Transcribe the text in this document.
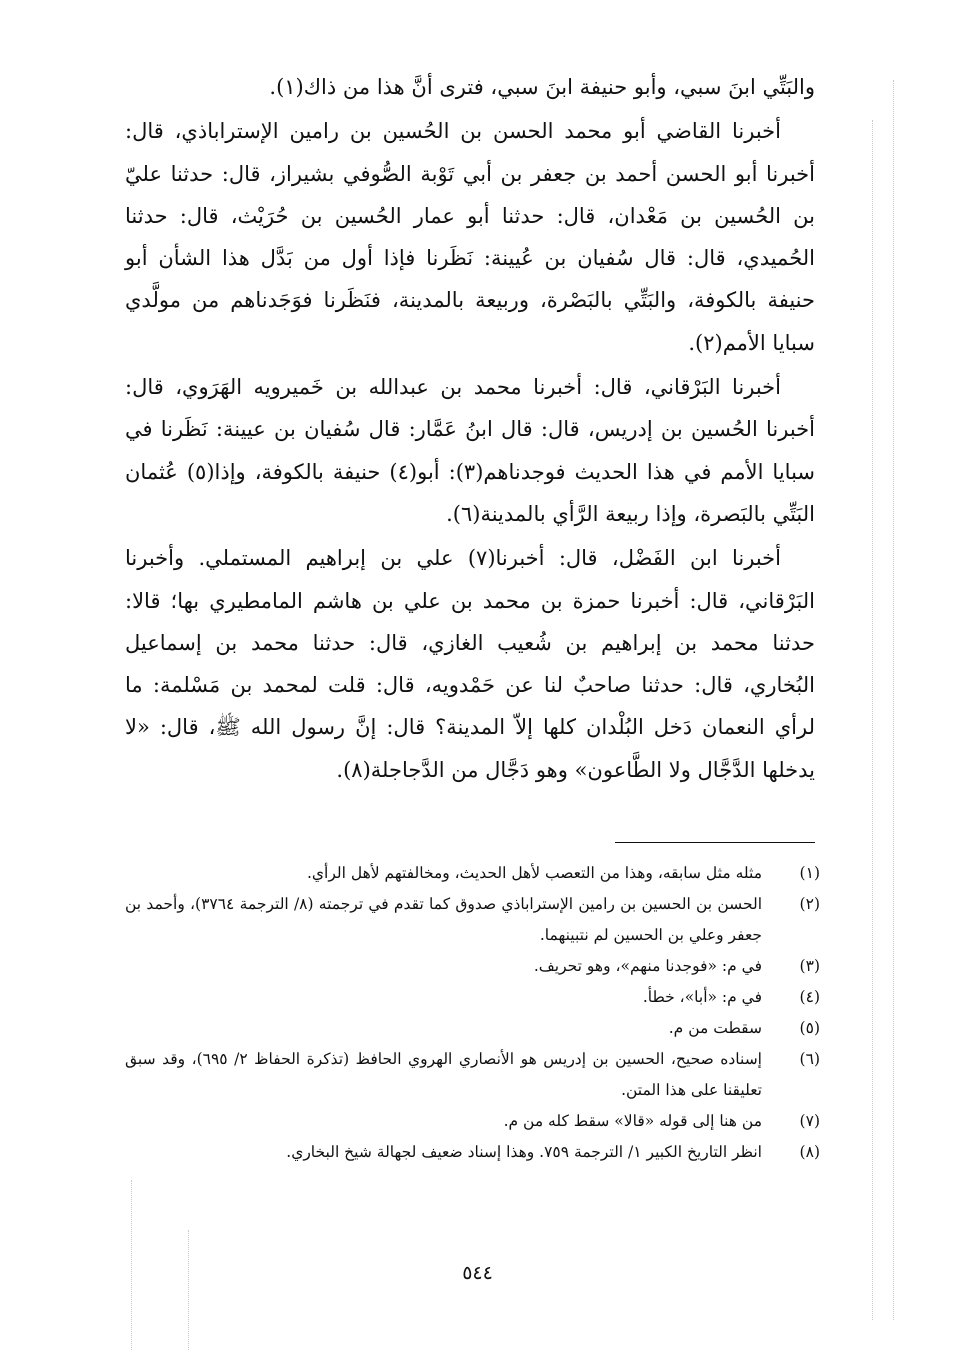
والبَتِّي ابنَ سبي، وأبو حنيفة ابنَ سبي، فترى أنَّ هذا من ذاك(١).

أخبرنا القاضي أبو محمد الحسن بن الحُسين بن رامين الإستراباذي، قال: أخبرنا أبو الحسن أحمد بن جعفر بن أبي تَوْبة الصُّوفي بشيراز، قال: حدثنا عليّ بن الحُسين بن مَعْدان، قال: حدثنا أبو عمار الحُسين بن حُرَيْث، قال: حدثنا الحُميدي، قال: قال سُفيان بن عُيينة: نَظَرنا فإذا أول من بَدَّل هذا الشأن أبو حنيفة بالكوفة، والبَتِّي بالبَصْرة، وربيعة بالمدينة، فنَظَرنا فوَجَدناهم من مولَّدي سبايا الأمم(٢).

أخبرنا البَرْقاني، قال: أخبرنا محمد بن عبدالله بن خَميرويه الهَرَوي، قال: أخبرنا الحُسين بن إدريس، قال: قال ابنُ عَمَّار: قال سُفيان بن عيينة: نَظَرنا في سبايا الأمم في هذا الحديث فوجدناهم(٣): أبو(٤) حنيفة بالكوفة، وإذا(٥) عُثمان البَتِّي بالبَصرة، وإذا ربيعة الرَّأي بالمدينة(٦).

أخبرنا ابن الفَضْل، قال: أخبرنا(٧) علي بن إبراهيم المستملي. وأخبرنا البَرْقاني، قال: أخبرنا حمزة بن محمد بن علي بن هاشم المامطيري بها؛ قالا: حدثنا محمد بن إبراهيم بن شُعيب الغازي، قال: حدثنا محمد بن إسماعيل البُخاري، قال: حدثنا صاحبٌ لنا عن حَمْدويه، قال: قلت لمحمد بن مَسْلمة: ما لرأي النعمان دَخل البُلْدان كلها إلاّ المدينة؟ قال: إنَّ رسول الله ﷺ، قال: «لا يدخلها الدَّجَّال ولا الطَّاعون» وهو دَجَّال من الدَّجاجلة(٨).

(١)
مثله مثل سابقه، وهذا من التعصب لأهل الحديث، ومخالفتهم لأهل الرأي.
(٢)
الحسن بن الحسين بن رامين الإستراباذي صدوق كما تقدم في ترجمته (٨/ الترجمة ٣٧٦٤)، وأحمد بن جعفر وعلي بن الحسين لم نتبينهما.
(٣)
في م: «فوجدنا منهم»، وهو تحريف.
(٤)
في م: «أبا»، خطأ.
(٥)
سقطت من م.
(٦)
إسناده صحيح، الحسين بن إدريس هو الأنصاري الهروي الحافظ (تذكرة الحفاظ ٢/ ٦٩٥)، وقد سبق تعليقنا على هذا المتن.
(٧)
من هنا إلى قوله «قالا» سقط كله من م.
(٨)
انظر التاريخ الكبير ١/ الترجمة ٧٥٩. وهذا إسناد ضعيف لجهالة شيخ البخاري.
٥٤٤
